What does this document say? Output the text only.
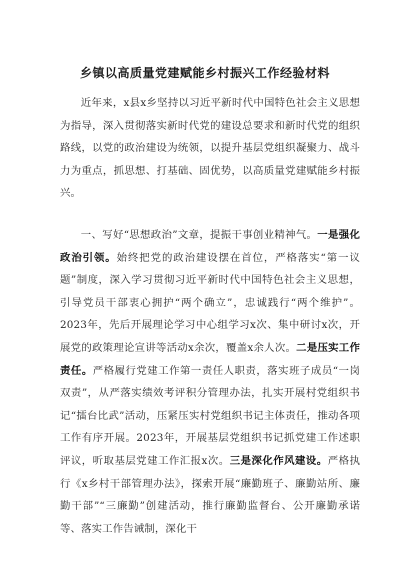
乡镇以高质量党建赋能乡村振兴工作经验材料
近年来，x县x乡坚持以习近平新时代中国特色社会主义思想为指导，深入贯彻落实新时代党的建设总要求和新时代党的组织路线，以党的政治建设为统领，以提升基层党组织凝聚力、战斗力为重点，抓思想、打基础、固优势，以高质量党建赋能乡村振兴。
一、写好“思想政治”文章，提振干事创业精神气。一是强化政治引领。始终把党的政治建设摆在首位，严格落实“第一议题”制度，深入学习贯彻习近平新时代中国特色社会主义思想，引导党员干部衷心拥护“两个确立”，忠诚践行“两个维护”。2023年，先后开展理论学习中心组学习x次、集中研讨x次，开展党的政策理论宣讲等活动x余次，覆盖x余人次。二是压实工作责任。严格履行党建工作第一责任人职责，落实班子成员“一岗双责”，从严落实绩效考评积分管理办法，扎实开展村党组织书记“擂台比武”活动，压紧压实村党组织书记主体责任，推动各项工作有序开展。2023年，开展基层党组织书记抓党建工作述职评议，听取基层党建工作汇报x次。三是深化作风建设。严格执行《x乡村干部管理办法》，探索开展“廉勤班子、廉勤站所、廉勤干部”“三廉勤”创建活动，推行廉勤监督台、公开廉勤承诺等、落实工作告诫制，深化干
